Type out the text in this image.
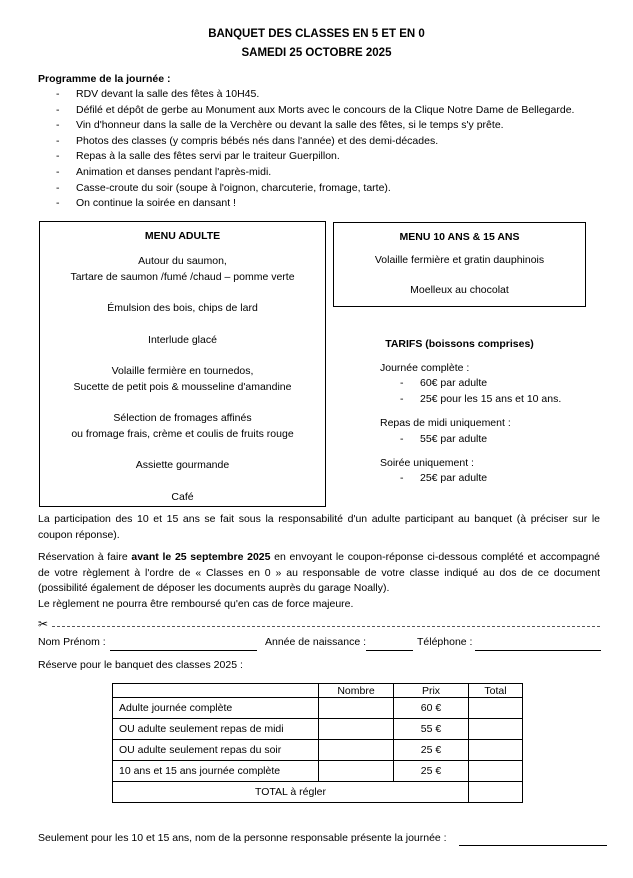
BANQUET DES CLASSES EN 5 ET EN 0
SAMEDI 25 OCTOBRE 2025
Programme de la journée :
- RDV devant la salle des fêtes à 10H45.
- Défilé et dépôt de gerbe au Monument aux Morts avec le concours de la Clique Notre Dame de Bellegarde.
- Vin d'honneur dans la salle de la Verchère ou devant la salle des fêtes, si le temps s'y prête.
- Photos des classes (y compris bébés nés dans l'année) et des demi-décades.
- Repas à la salle des fêtes servi par le traiteur Guerpillon.
- Animation et danses pendant l'après-midi.
- Casse-croute du soir (soupe à l'oignon, charcuterie, fromage, tarte).
- On continue la soirée en dansant !
MENU ADULTE
Autour du saumon,
Tartare de saumon /fumé /chaud – pomme verte
Émulsion des bois, chips de lard
Interlude glacé
Volaille fermière en tournedos,
Sucette de petit pois & mousseline d'amandine
Sélection de fromages affinés
ou fromage frais, crème et coulis de fruits rouge
Assiette gourmande
Café
MENU 10 ANS & 15 ANS
Volaille fermière et gratin dauphinois
Moelleux au chocolat
TARIFS (boissons comprises)
Journée complète :
- 60€ par adulte
- 25€ pour les 15 ans et 10 ans.
Repas de midi uniquement :
- 55€ par adulte
Soirée uniquement :
- 25€ par adulte
La participation des 10 et 15 ans se fait sous la responsabilité d'un adulte participant au banquet (à préciser sur le coupon réponse).
Réservation à faire avant le 25 septembre 2025 en envoyant le coupon-réponse ci-dessous complété et accompagné de votre règlement à l'ordre de « Classes en 0 » au responsable de votre classe indiqué au dos de ce document (possibilité également de déposer les documents auprès du garage Noally).
Le règlement ne pourra être remboursé qu'en cas de force majeure.
✂
Nom Prénom :	Année de naissance :	Téléphone :
Réserve pour le banquet des classes 2025 :
	Nombre	Prix	Total
Adulte journée complète		60 €	
OU adulte seulement repas de midi		55 €	
OU adulte seulement repas du soir		25 €	
10 ans et 15 ans journée complète		25 €	
TOTAL à régler			
Seulement pour les 10 et 15 ans, nom de la personne responsable présente la journée :
